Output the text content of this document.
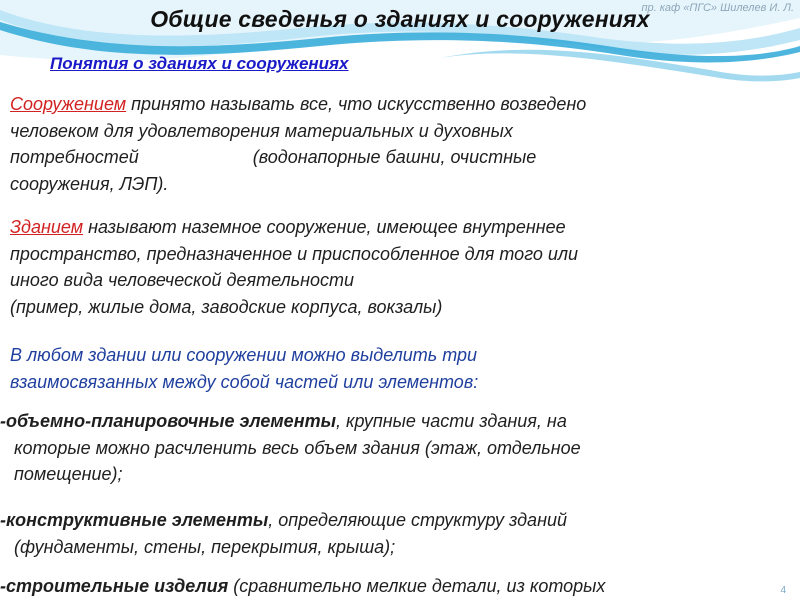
Общие сведенья о зданиях и сооружениях
пр. каф «ПГС» Шилелев И. Л.
Понятия о зданиях и сооружениях
Сооружением принято называть все, что искусственно возведено
человеком для удовлетворения материальных и духовных
потребностей	(водонапорные башни, очистные
сооружения, ЛЭП).
Зданием называют наземное сооружение, имеющее внутреннее
пространство, предназначенное и приспособленное для того или
иного вида человеческой деятельности
(пример, жилые дома, заводские корпуса, вокзалы)
В любом здании или сооружении можно выделить три
взаимосвязанных между собой частей или элементов:
-объемно-планировочные элементы, крупные части здания, на
которые можно расчленить весь объем здания (этаж, отдельное
помещение);
-конструктивные элементы, определяющие структуру зданий
(фундаменты, стены, перекрытия, крыша);
-строительные изделия (сравнительно мелкие детали, из которых	4
